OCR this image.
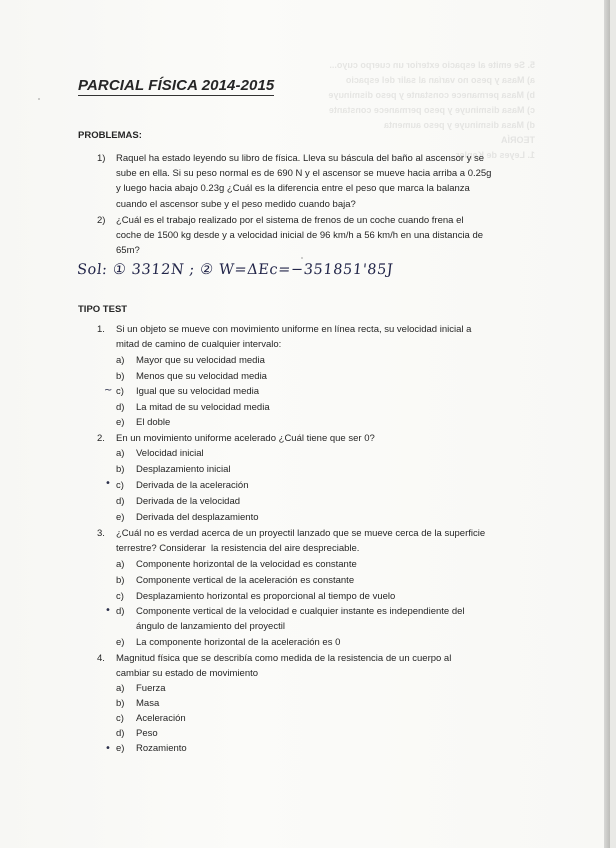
5. Se emite al espacio exterior un cuerpo cuyo...
a) Masa y peso no varían al salir del espacio
b) Masa permanece constante y peso disminuye
c) Masa disminuye y peso permanece constante
d) Masa disminuye y peso aumenta
TEORÍA
1. Leyes de Kepler
PARCIAL FÍSICA 2014-2015
PROBLEMAS:
1) Raquel ha estado leyendo su libro de física. Lleva su báscula del baño al ascensor y se
sube en ella. Si su peso normal es de 690 N y el ascensor se mueve hacia arriba a 0.25g
y luego hacia abajo 0.23g ¿Cuál es la diferencia entre el peso que marca la balanza
cuando el ascensor sube y el peso medido cuando baja?
2) ¿Cuál es el trabajo realizado por el sistema de frenos de un coche cuando frena el
coche de 1500 kg desde y a velocidad inicial de 96 km/h a 56 km/h en una distancia de
65m?
Sol: ① 3312N ; ② W=ΔEc=−351851'85J
TIPO TEST
1. Si un objeto se mueve con movimiento uniforme en línea recta, su velocidad inicial a
mitad de camino de cualquier intervalo:
a) Mayor que su velocidad media
b) Menos que su velocidad media
~ c) Igual que su velocidad media
d) La mitad de su velocidad media
e) El doble
2. En un movimiento uniforme acelerado ¿Cuál tiene que ser 0?
a) Velocidad inicial
b) Desplazamiento inicial
• c) Derivada de la aceleración
d) Derivada de la velocidad
e) Derivada del desplazamiento
3. ¿Cuál no es verdad acerca de un proyectil lanzado que se mueve cerca de la superficie
terrestre? Considerar  la resistencia del aire despreciable.
a) Componente horizontal de la velocidad es constante
b) Componente vertical de la aceleración es constante
c) Desplazamiento horizontal es proporcional al tiempo de vuelo
• d) Componente vertical de la velocidad e cualquier instante es independiente del
ángulo de lanzamiento del proyectil
e) La componente horizontal de la aceleración es 0
4. Magnitud física que se describía como medida de la resistencia de un cuerpo al
cambiar su estado de movimiento
a) Fuerza
b) Masa
c) Aceleración
d) Peso
• e) Rozamiento
